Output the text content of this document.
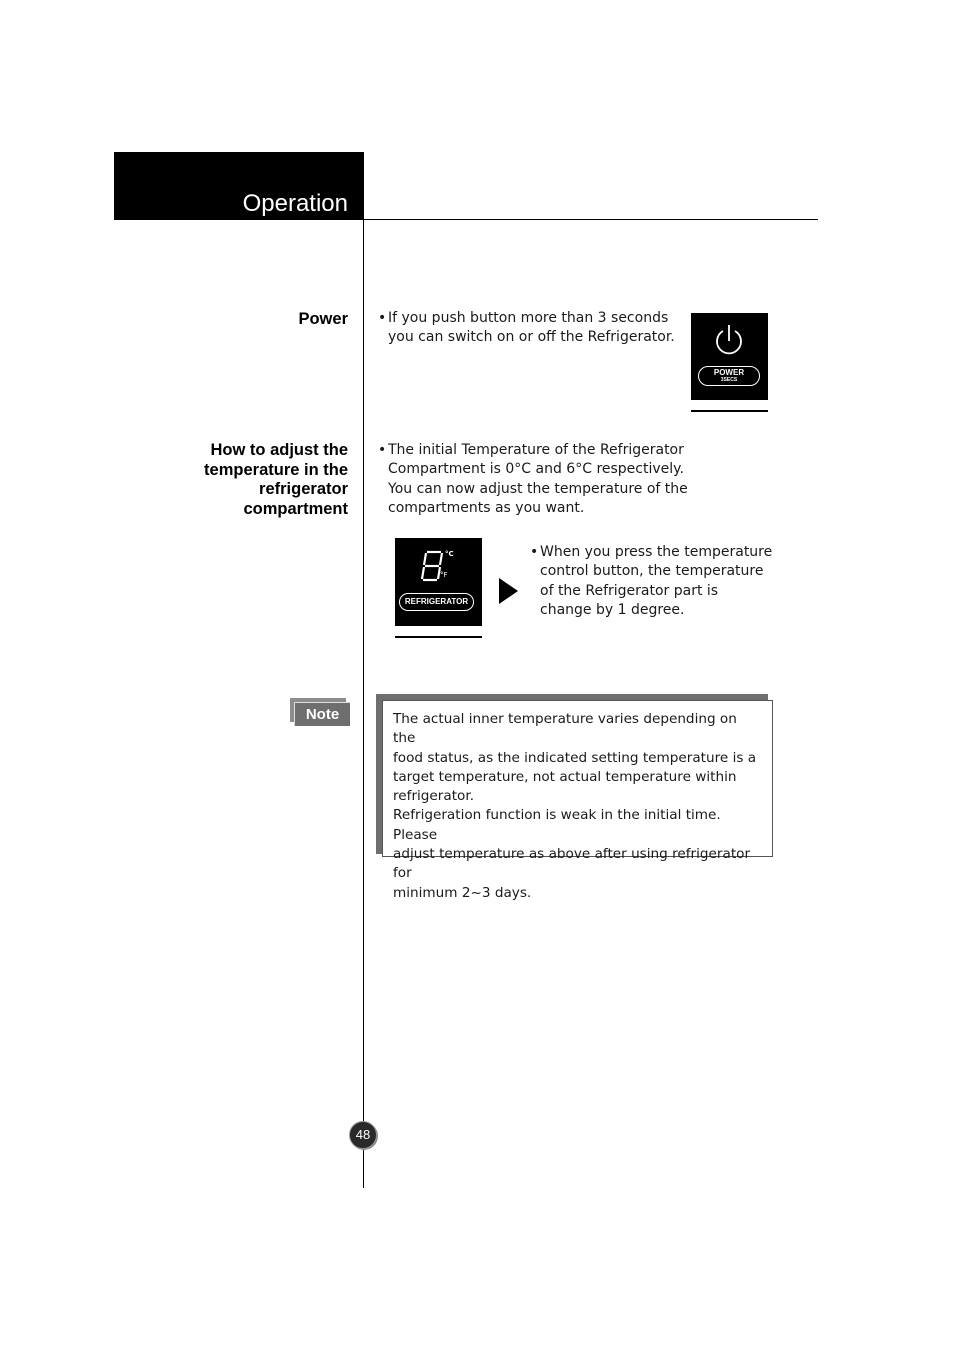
Operation
Power • If you push button more than 3 seconds
you can switch on or off the Refrigerator.
POWER
3SECS
How to adjust the
temperature in the
refrigerator
compartment
• The initial Temperature of the Refrigerator
Compartment is 0°C and 6°C respectively.
You can now adjust the temperature of the
compartments as you want.
°C
°F
REFRIGERATOR
• When you press the temperature
control button, the temperature
of the Refrigerator part is
change by 1 degree.
Note	The actual inner temperature varies depending on the
food status, as the indicated setting temperature is a
target temperature, not actual temperature within
refrigerator.
Refrigeration function is weak in the initial time. Please
adjust temperature as above after using refrigerator for
minimum 2~3 days.
48
